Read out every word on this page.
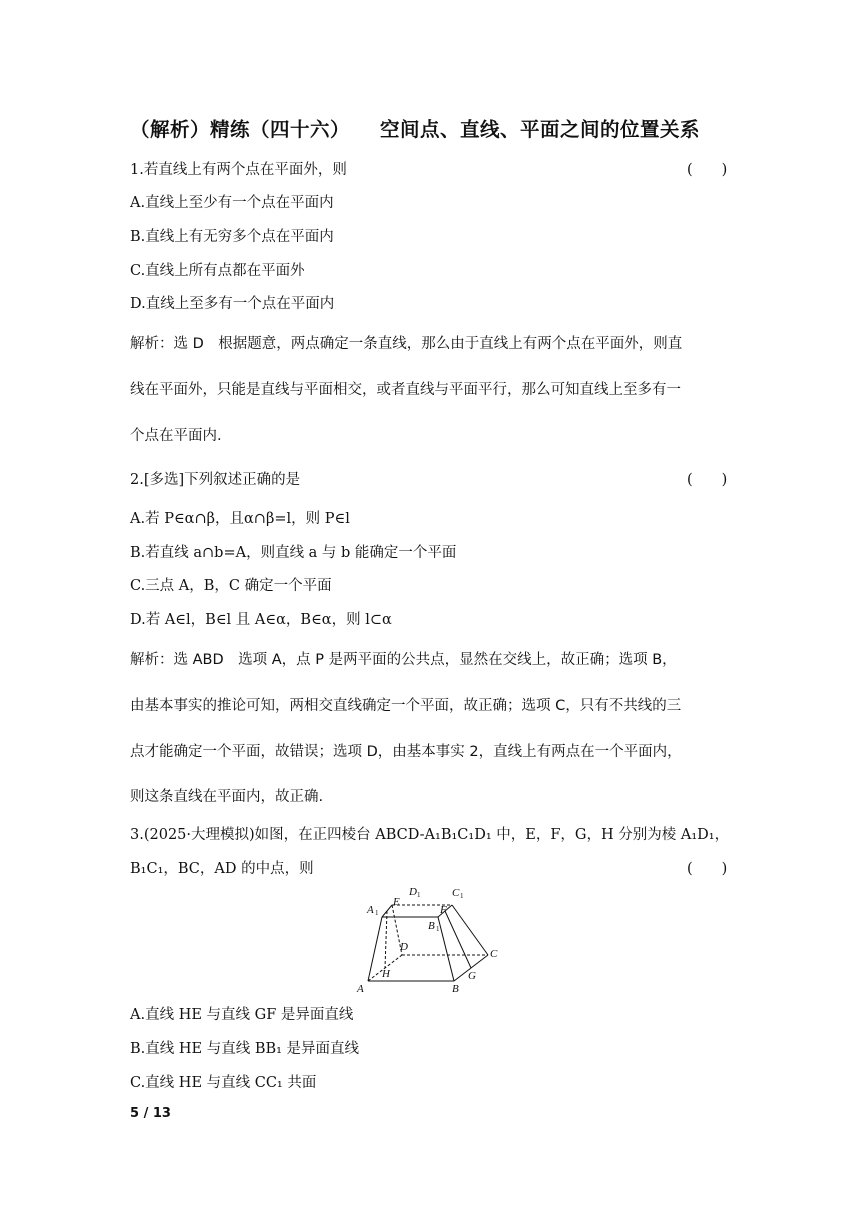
（解析）精练（四十六） 空间点、直线、平面之间的位置关系
1.若直线上有两个点在平面外，则	(　　)
A.直线上至少有一个点在平面内
B.直线上有无穷多个点在平面内
C.直线上所有点都在平面外
D.直线上至多有一个点在平面内
解析：选 D　根据题意，两点确定一条直线，那么由于直线上有两个点在平面外，则直
线在平面外，只能是直线与平面相交，或者直线与平面平行，那么可知直线上至多有一
个点在平面内.
2.[多选]下列叙述正确的是	(　　)
A.若 P∈α∩β，且α∩β=l，则 P∈l
B.若直线 a∩b=A，则直线 a 与 b 能确定一个平面
C.三点 A，B，C 确定一个平面
D.若 A∈l，B∈l 且 A∈α，B∈α，则 l⊂α
解析：选 ABD　选项 A，点 P 是两平面的公共点，显然在交线上，故正确；选项 B，
由基本事实的推论可知，两相交直线确定一个平面，故正确；选项 C，只有不共线的三
点才能确定一个平面，故错误；选项 D，由基本事实 2，直线上有两点在一个平面内，
则这条直线在平面内，故正确.
3.(2025·大理模拟)如图，在正四棱台 ABCD-A₁B₁C₁D₁ 中，E，F，G，H 分别为棱 A₁D₁，
B₁C₁，BC，AD 的中点，则	(　　)
A	B
C
D
H	G
E
F
A 1
B 1
C 1
D 1
A.直线 HE 与直线 GF 是异面直线
B.直线 HE 与直线 BB₁ 是异面直线
C.直线 HE 与直线 CC₁ 共面
5 / 13
